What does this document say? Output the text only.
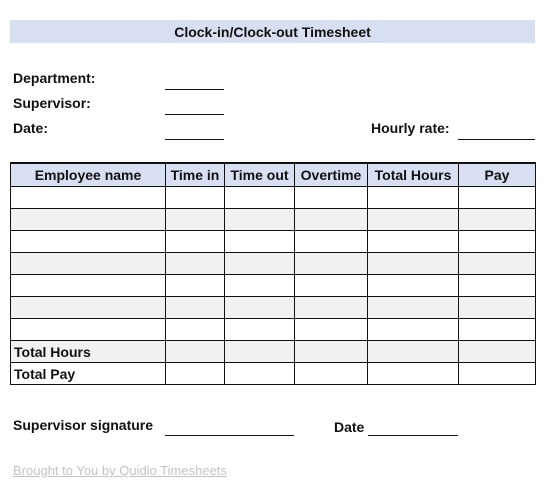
Clock-in/Clock-out Timesheet
Department:
Supervisor:
Date:	Hourly rate:
Employee name	Time in	Time out	Overtime	Total Hours	Pay

Total Hours					
Total Pay					
Supervisor signature	Date
Brought to You by Quidlo Timesheets
